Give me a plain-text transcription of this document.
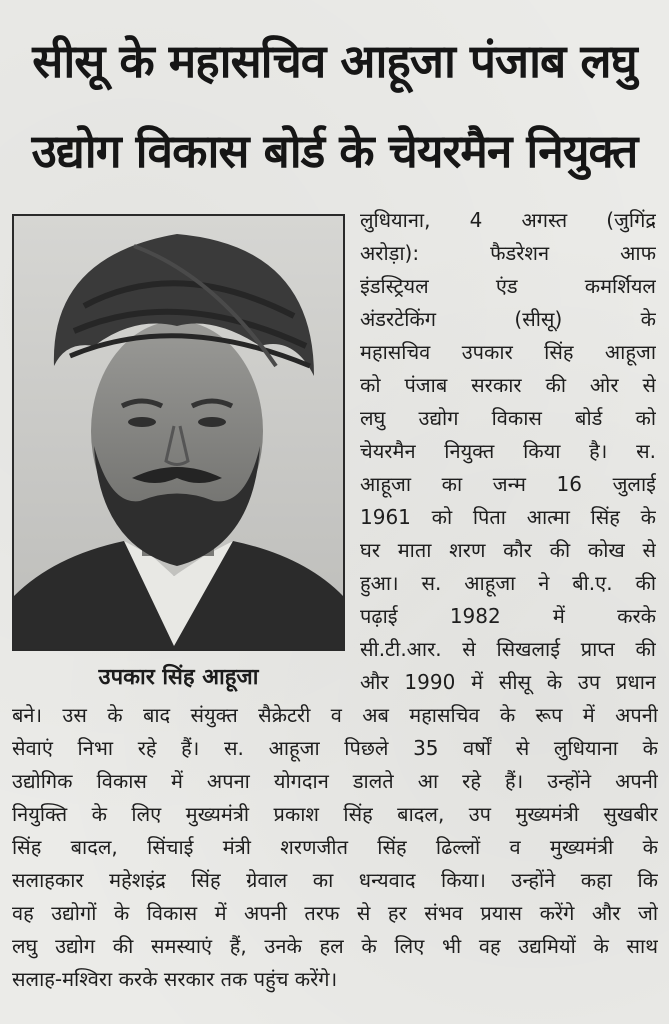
सीसू के महासचिव आहूजा पंजाब लघु
उद्योग विकास बोर्ड के चेयरमैन नियुक्त
उपकार सिंह आहूजा
लुधियाना, 4 अगस्त (जुगिंद्र
अरोड़ा): फैडरेशन आफ
इंडस्ट्रियल एंड कमर्शियल
अंडरटेकिंग (सीसू) के
महासचिव उपकार सिंह आहूजा
को पंजाब सरकार की ओर से
लघु उद्योग विकास बोर्ड को
चेयरमैन नियुक्त किया है। स.
आहूजा का जन्म 16 जुलाई
1961 को पिता आत्मा सिंह के
घर माता शरण कौर की कोख से
हुआ। स. आहूजा ने बी.ए. की
पढ़ाई 1982 में करके
सी.टी.आर. से सिखलाई प्राप्त की
और 1990 में सीसू के उप प्रधान
बने। उस के बाद संयुक्त सैक्रेटरी व अब महासचिव के रूप में अपनी
सेवाएं निभा रहे हैं। स. आहूजा पिछले 35 वर्षों से लुधियाना के
उद्योगिक विकास में अपना योगदान डालते आ रहे हैं। उन्होंने अपनी
नियुक्ति के लिए मुख्यमंत्री प्रकाश सिंह बादल, उप मुख्यमंत्री सुखबीर
सिंह बादल, सिंचाई मंत्री शरणजीत सिंह ढिल्लों व मुख्यमंत्री के
सलाहकार महेशइंद्र सिंह ग्रेवाल का धन्यवाद किया। उन्होंने कहा कि
वह उद्योगों के विकास में अपनी तरफ से हर संभव प्रयास करेंगे और जो
लघु उद्योग की समस्याएं हैं, उनके हल के लिए भी वह उद्यमियों के साथ
सलाह-मश्विरा करके सरकार तक पहुंच करेंगे।
